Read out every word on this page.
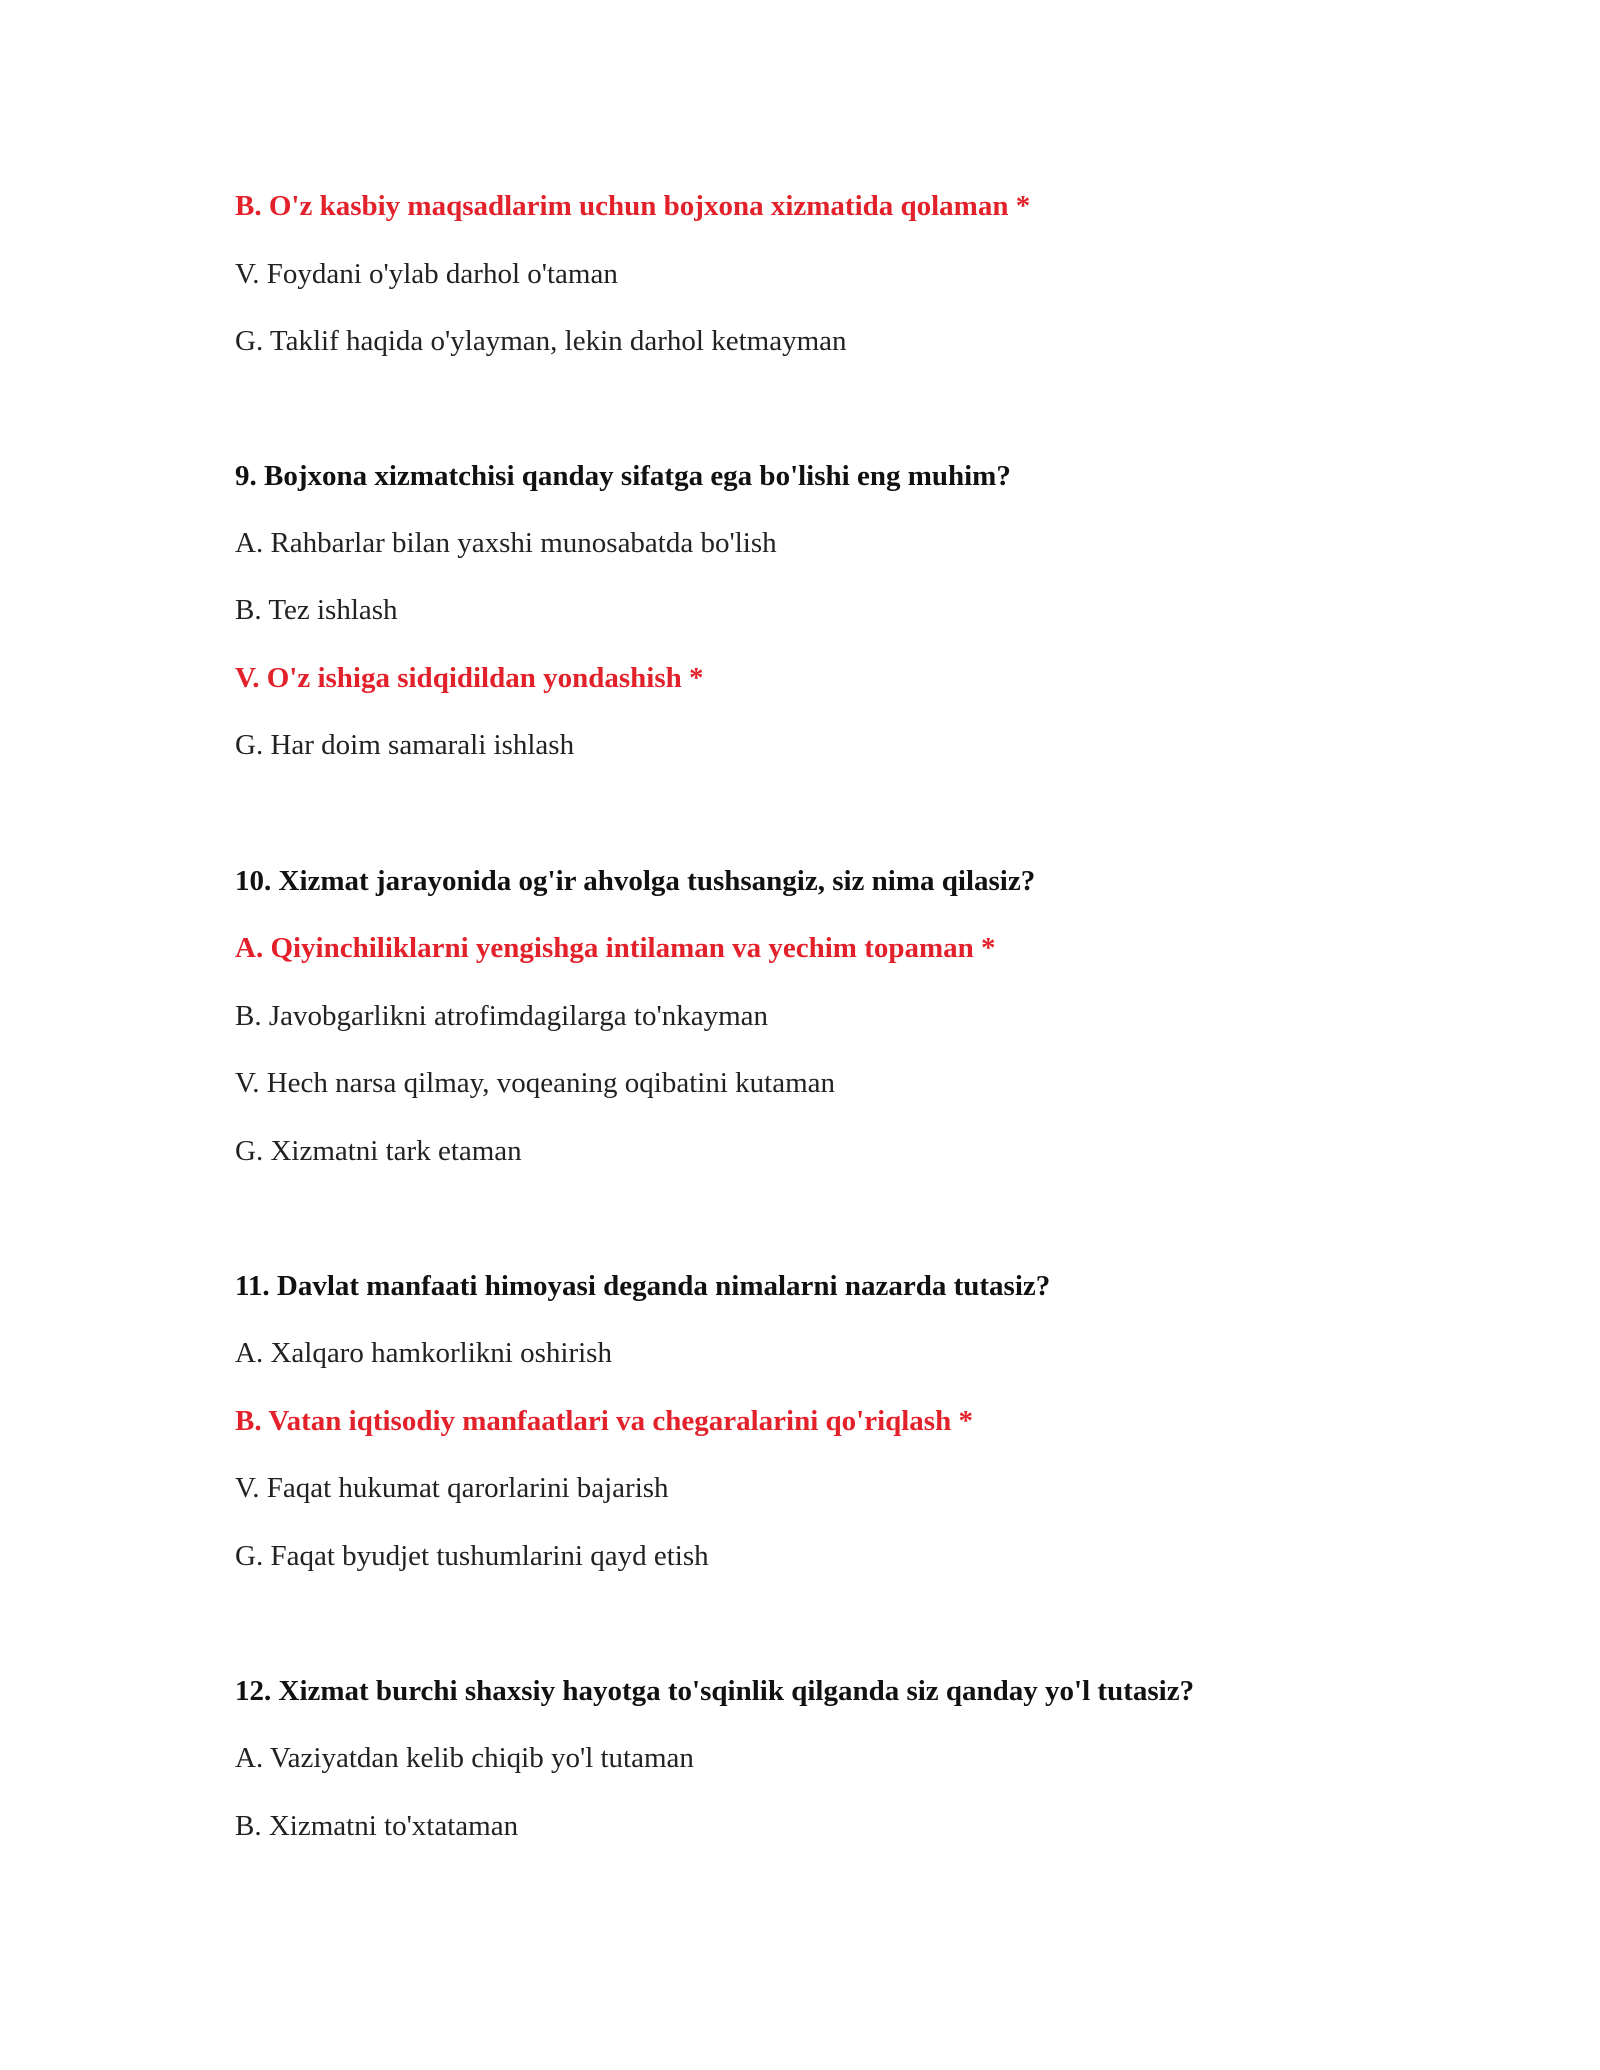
B. O'z kasbiy maqsadlarim uchun bojxona xizmatida qolaman *
V. Foydani o'ylab darhol o'taman
G. Taklif haqida o'ylayman, lekin darhol ketmayman
9. Bojxona xizmatchisi qanday sifatga ega bo'lishi eng muhim?
A. Rahbarlar bilan yaxshi munosabatda bo'lish
B. Tez ishlash
V. O'z ishiga sidqidildan yondashish *
G. Har doim samarali ishlash
10. Xizmat jarayonida og'ir ahvolga tushsangiz, siz nima qilasiz?
A. Qiyinchiliklarni yengishga intilaman va yechim topaman *
B. Javobgarlikni atrofimdagilarga to'nkayman
V. Hech narsa qilmay, voqeaning oqibatini kutaman
G. Xizmatni tark etaman
11. Davlat manfaati himoyasi deganda nimalarni nazarda tutasiz?
A. Xalqaro hamkorlikni oshirish
B. Vatan iqtisodiy manfaatlari va chegaralarini qo'riqlash *
V. Faqat hukumat qarorlarini bajarish
G. Faqat byudjet tushumlarini qayd etish
12. Xizmat burchi shaxsiy hayotga to'sqinlik qilganda siz qanday yo'l tutasiz?
A. Vaziyatdan kelib chiqib yo'l tutaman
B. Xizmatni to'xtataman
